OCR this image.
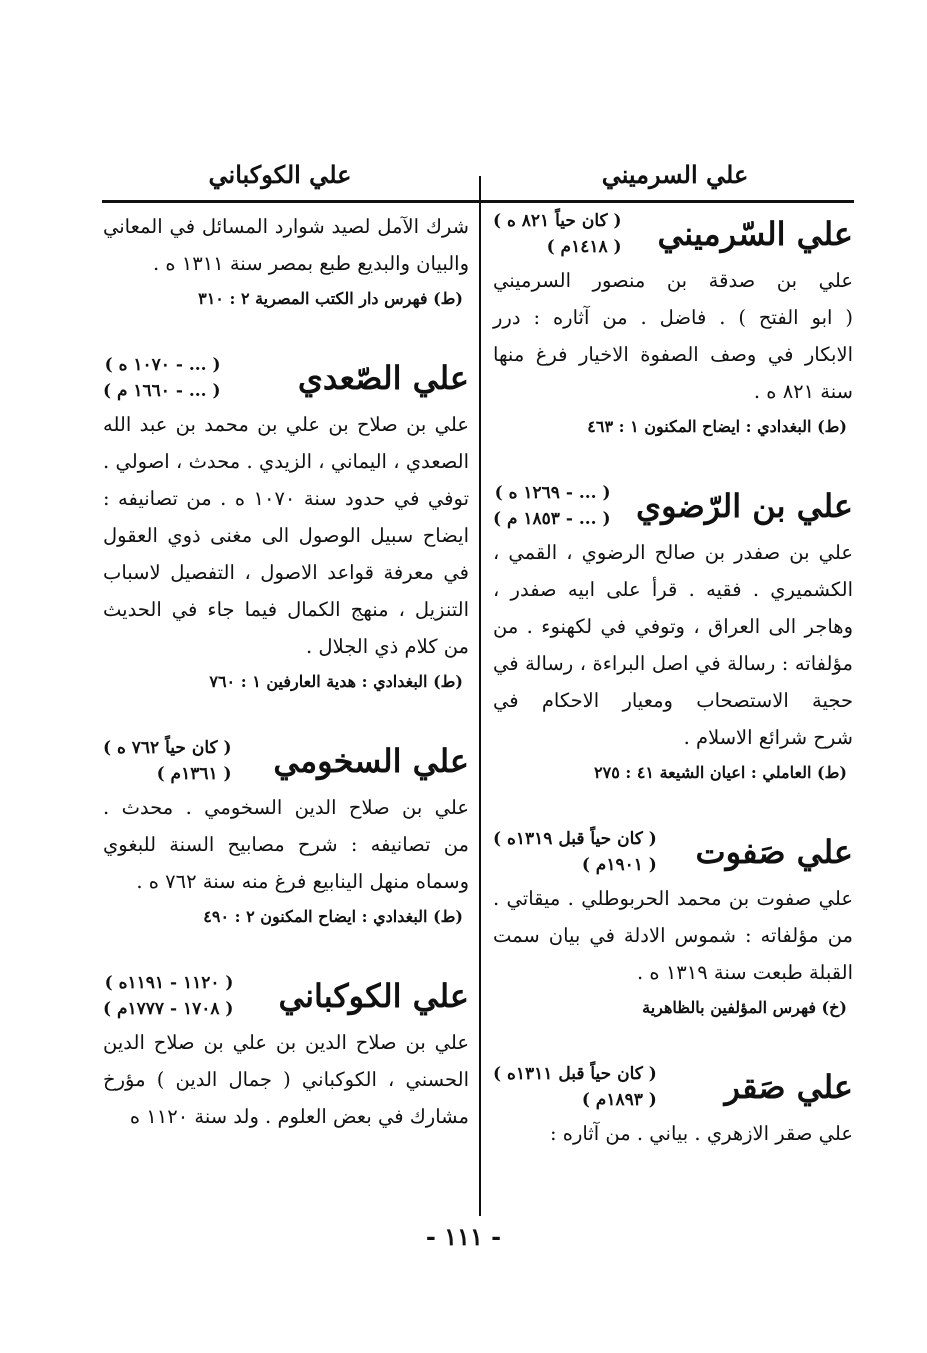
علي السرميني
علي الكوكباني
علي السّرميني
( كان حياً ٨٢١ ه )
( ١٤١٨م )

علي بن صدقة بن منصور السرميني

( ابو الفتح ) . فاضل . من آثاره : درر

الابكار في وصف الصفوة الاخيار فرغ منها

سنة ٨٢١ ه .

(ط) البغدادي : ايضاح المكنون ١ : ٤٦٣

علي بن الرّضوي
( ... - ١٢٦٩ ه )
( ... - ١٨٥٣ م )

علي بن صفدر بن صالح الرضوي ، القمي ،

الكشميري . فقيه . قرأ على ابيه صفدر ،

وهاجر الى العراق ، وتوفي في لكهنوء . من

مؤلفاته : رسالة في اصل البراءة ، رسالة في

حجية الاستصحاب ومعيار الاحكام في

شرح شرائع الاسلام .

(ط) العاملي : اعيان الشيعة ٤١ : ٢٧٥

علي صَفوت
( كان حياً قبل ١٣١٩ه )
( ١٩٠١م )

علي صفوت بن محمد الحربوطلي . ميقاتي .

من مؤلفاته : شموس الادلة في بيان سمت

القبلة طبعت سنة ١٣١٩ ه .

(خ) فهرس المؤلفين بالظاهرية

علي صَقر
( كان حياً قبل ١٣١١ه )
( ١٨٩٣م )

علي صقر الازهري . بياني . من آثاره :

شرك الآمل لصيد شوارد المسائل في المعاني

والبيان والبديع طبع بمصر سنة ١٣١١ ه .

(ط) فهرس دار الكتب المصرية ٢ : ٣١٠

علي الصّعدي
( ... - ١٠٧٠ ه )
( ... - ١٦٦٠ م )

علي بن صلاح بن علي بن محمد بن عبد الله

الصعدي ، اليماني ، الزيدي . محدث ، اصولي .

توفي في حدود سنة ١٠٧٠ ه . من تصانيفه :

ايضاح سبيل الوصول الى مغنى ذوي العقول

في معرفة قواعد الاصول ، التفصيل لاسباب

التنزيل ، منهج الكمال فيما جاء في الحديث

من كلام ذي الجلال .

(ط) البغدادي : هدية العارفين ١ : ٧٦٠

علي السخومي
( كان حياً ٧٦٢ ه )
( ١٣٦١م )

علي بن صلاح الدين السخومي . محدث .

من تصانيفه : شرح مصابيح السنة للبغوي

وسماه منهل الينابيع فرغ منه سنة ٧٦٢ ه .

(ط) البغدادي : ايضاح المكنون ٢ : ٤٩٠

علي الكوكباني
( ١١٢٠ - ١١٩١ه )
( ١٧٠٨ - ١٧٧٧م )

علي بن صلاح الدين بن علي بن صلاح الدين

الحسني ، الكوكباني ( جمال الدين ) مؤرخ

مشارك في بعض العلوم . ولد سنة ١١٢٠ ه

- ١١١ -
